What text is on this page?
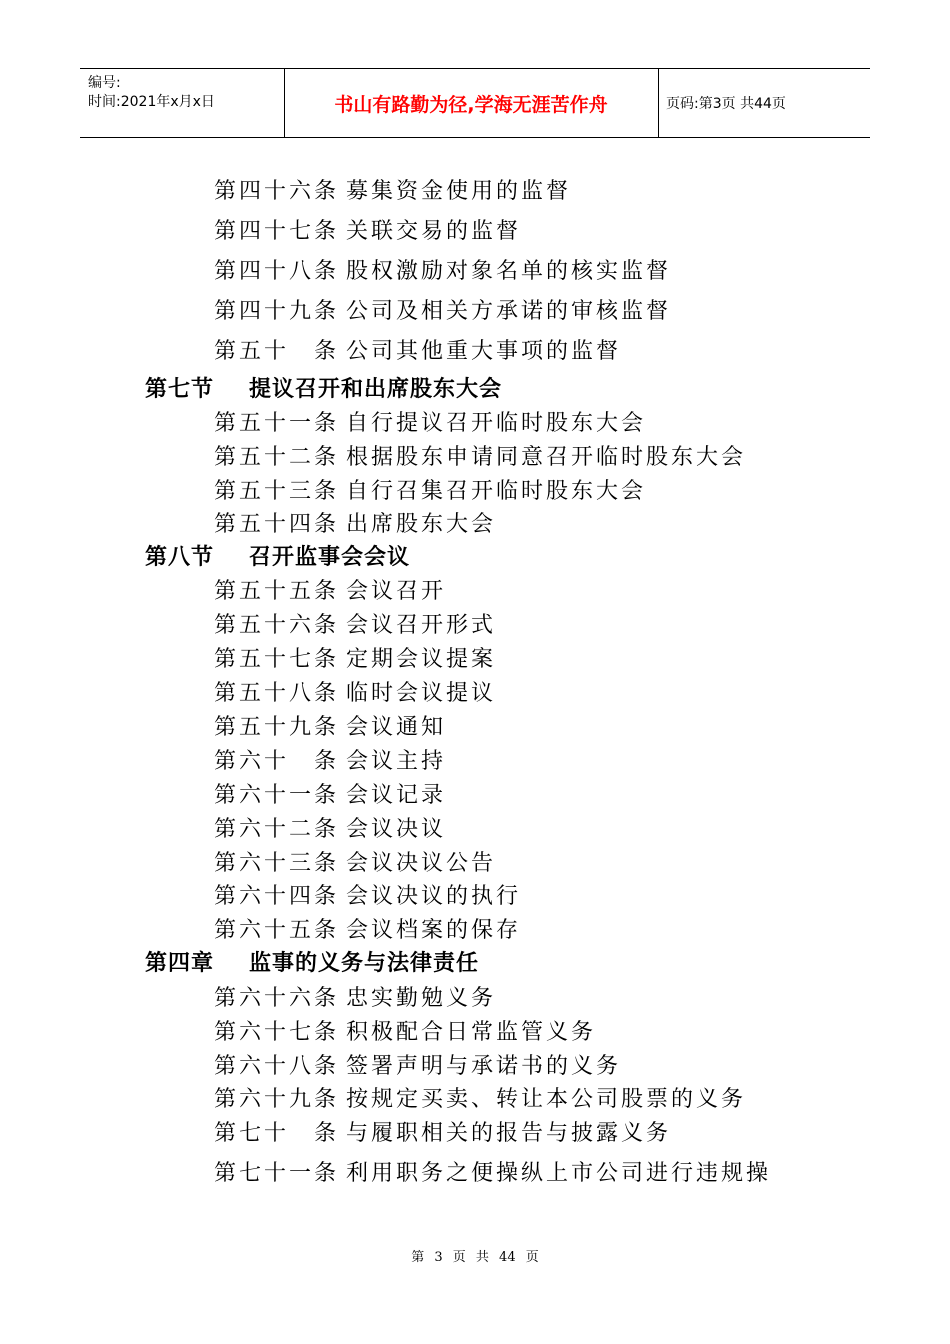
编号:
时间:2021年x月x日	书山有路勤为径,学海无涯苦作舟	页码:第3页 共44页
第四十六条 募集资金使用的监督
第四十七条 关联交易的监督
第四十八条 股权激励对象名单的核实监督
第四十九条 公司及相关方承诺的审核监督
第五十　条 公司其他重大事项的监督
第七节 提议召开和出席股东大会
第五十一条 自行提议召开临时股东大会
第五十二条 根据股东申请同意召开临时股东大会
第五十三条 自行召集召开临时股东大会
第五十四条 出席股东大会
第八节 召开监事会会议
第五十五条 会议召开
第五十六条 会议召开形式
第五十七条 定期会议提案
第五十八条 临时会议提议
第五十九条 会议通知
第六十　条 会议主持
第六十一条 会议记录
第六十二条 会议决议
第六十三条 会议决议公告
第六十四条 会议决议的执行
第六十五条 会议档案的保存
第四章 监事的义务与法律责任
第六十六条 忠实勤勉义务
第六十七条 积极配合日常监管义务
第六十八条 签署声明与承诺书的义务
第六十九条 按规定买卖、转让本公司股票的义务
第七十　条 与履职相关的报告与披露义务
第七十一条 利用职务之便操纵上市公司进行违规操
第 3 页 共 44 页
